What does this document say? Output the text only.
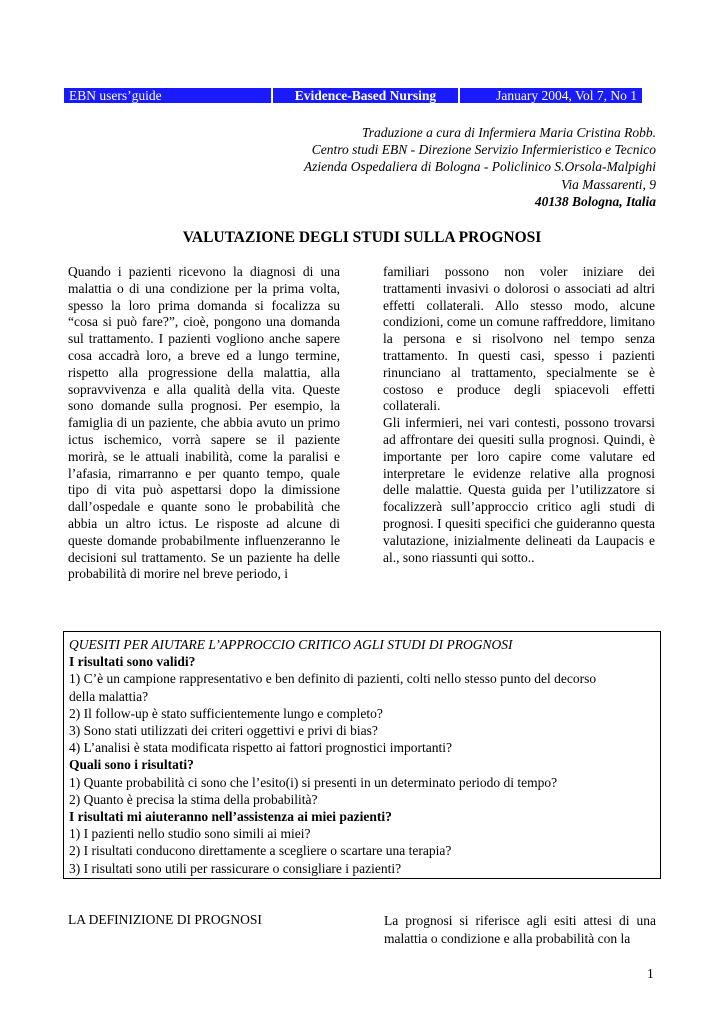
EBN users’guide	Evidence-Based Nursing	January 2004, Vol 7, No 1
Traduzione a cura di Infermiera Maria Cristina Robb.
Centro studi EBN - Direzione Servizio Infermieristico e Tecnico
Azienda Ospedaliera di Bologna - Policlinico S.Orsola-Malpighi
Via Massarenti, 9
40138 Bologna, Italia
VALUTAZIONE DEGLI STUDI SULLA PROGNOSI

Quando i pazienti ricevono la diagnosi di una malattia o di una condizione per la prima volta, spesso la loro prima domanda si focalizza su “cosa si può fare?”, cioè, pongono una domanda sul trattamento. I pazienti vogliono anche sapere cosa accadrà loro, a breve ed a lungo termine, rispetto alla progressione della malattia, alla sopravvivenza e alla qualità della vita. Queste sono domande sulla prognosi. Per esempio, la famiglia di un paziente, che abbia avuto un primo ictus ischemico, vorrà sapere se il paziente morirà, se le attuali inabilità, come la paralisi e l’afasia, rimarranno e per quanto tempo, quale tipo di vita può aspettarsi dopo la dimissione dall’ospedale e quante sono le probabilità che abbia un altro ictus. Le risposte ad alcune di queste domande probabilmente influenzeranno le decisioni sul trattamento. Se un paziente ha delle probabilità di morire nel breve periodo, i

familiari possono non voler iniziare dei trattamenti invasivi o dolorosi o associati ad altri effetti collaterali. Allo stesso modo, alcune condizioni, come un comune raffreddore, limitano la persona e si risolvono nel tempo senza trattamento. In questi casi, spesso i pazienti rinunciano al trattamento, specialmente se è costoso e produce degli spiacevoli effetti collaterali.
Gli infermieri, nei vari contesti, possono trovarsi ad affrontare dei quesiti sulla prognosi. Quindi, è importante per loro capire come valutare ed interpretare le evidenze relative alla prognosi delle malattie. Questa guida per l’utilizzatore si focalizzerà sull’approccio critico agli studi di prognosi. I quesiti specifici che guideranno questa valutazione, inizialmente delineati da Laupacis e al., sono riassunti qui sotto..

QUESITI PER AIUTARE L’APPROCCIO CRITICO AGLI STUDI DI PROGNOSI
I risultati sono validi?
1) C’è un campione rappresentativo e ben definito di pazienti, colti nello stesso punto del decorso
della malattia?
2) Il follow-up è stato sufficientemente lungo e completo?
3) Sono stati utilizzati dei criteri oggettivi e privi di bias?
4) L’analisi è stata modificata rispetto ai fattori prognostici importanti?
Quali sono i risultati?
1) Quante probabilità ci sono che l’esito(i) si presenti in un determinato periodo di tempo?
2) Quanto è precisa la stima della probabilità?
I risultati mi aiuteranno nell’assistenza ai miei pazienti?
1) I pazienti nello studio sono simili ai miei?
2) I risultati conducono direttamente a scegliere o scartare una terapia?
3) I risultati sono utili per rassicurare o consigliare i pazienti?
LA DEFINIZIONE DI PROGNOSI	La prognosi si riferisce agli esiti attesi di una malattia o condizione e alla probabilità con la
1
